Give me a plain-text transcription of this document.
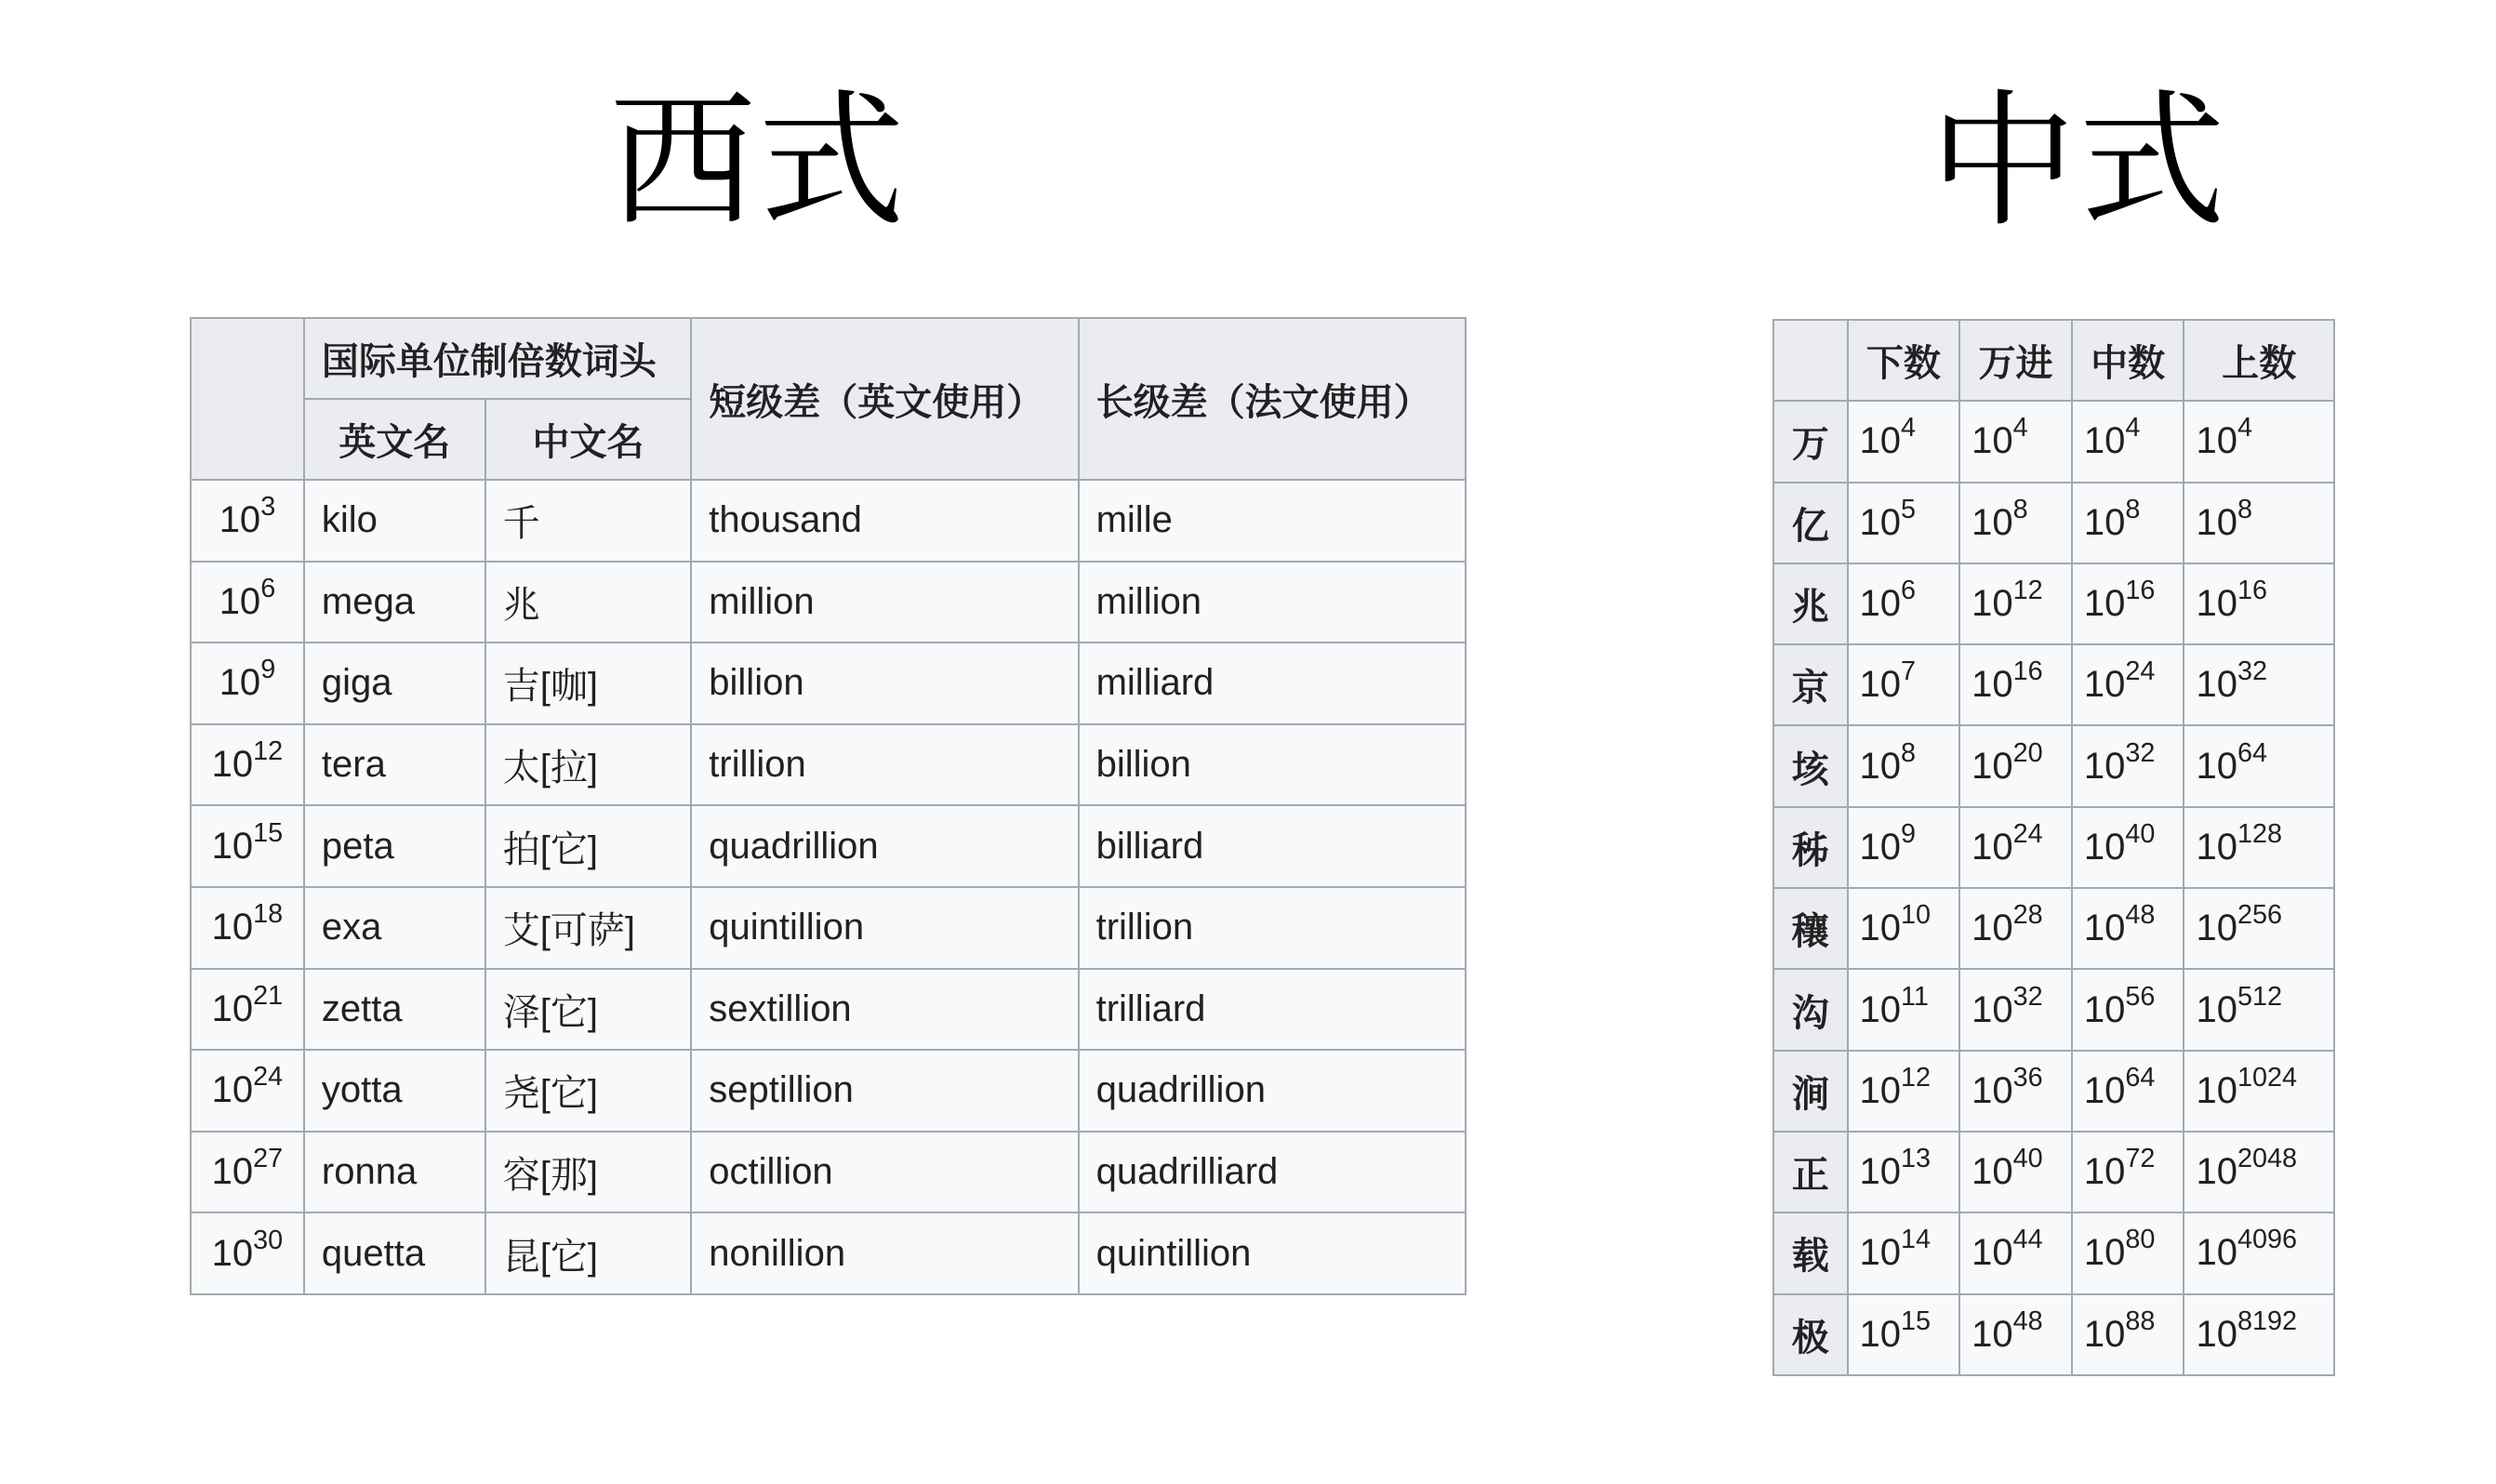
西式	中式
	国际单位制倍数词头		短级差（英文使用）	长级差（法文使用）
	英文名	中文名		
$10^3$	kilo	千	thousand	mille
$10^6$	mega	兆	million	million
$10^9$	giga	吉[咖]	billion	milliard
$10^{12}$	tera	太[拉]	trillion	billion
$10^{15}$	peta	拍[它]	quadrillion	billiard
$10^{18}$	exa	艾[可萨]	quintillion	trillion
$10^{21}$	zetta	泽[它]	sextillion	trilliard
$10^{24}$	yotta	尧[它]	septillion	quadrillion
$10^{27}$	ronna	容[那]	octillion	quadrilliard
$10^{30}$	quetta	昆[它]	nonillion	quintillion
	下数	万进	中数	上数
万	$10^4$	$10^4$	$10^4$	$10^4$
亿	$10^5$	$10^8$	$10^8$	$10^8$
兆	$10^6$	$10^{12}$	$10^{16}$	$10^{16}$
京	$10^7$	$10^{16}$	$10^{24}$	$10^{32}$
垓	$10^8$	$10^{20}$	$10^{32}$	$10^{64}$
秭	$10^9$	$10^{24}$	$10^{40}$	$10^{128}$
穰	$10^{10}$	$10^{28}$	$10^{48}$	$10^{256}$
沟	$10^{11}$	$10^{32}$	$10^{56}$	$10^{512}$
涧	$10^{12}$	$10^{36}$	$10^{64}$	$10^{1024}$
正	$10^{13}$	$10^{40}$	$10^{72}$	$10^{2048}$
载	$10^{14}$	$10^{44}$	$10^{80}$	$10^{4096}$
极	$10^{15}$	$10^{48}$	$10^{88}$	$10^{8192}$
